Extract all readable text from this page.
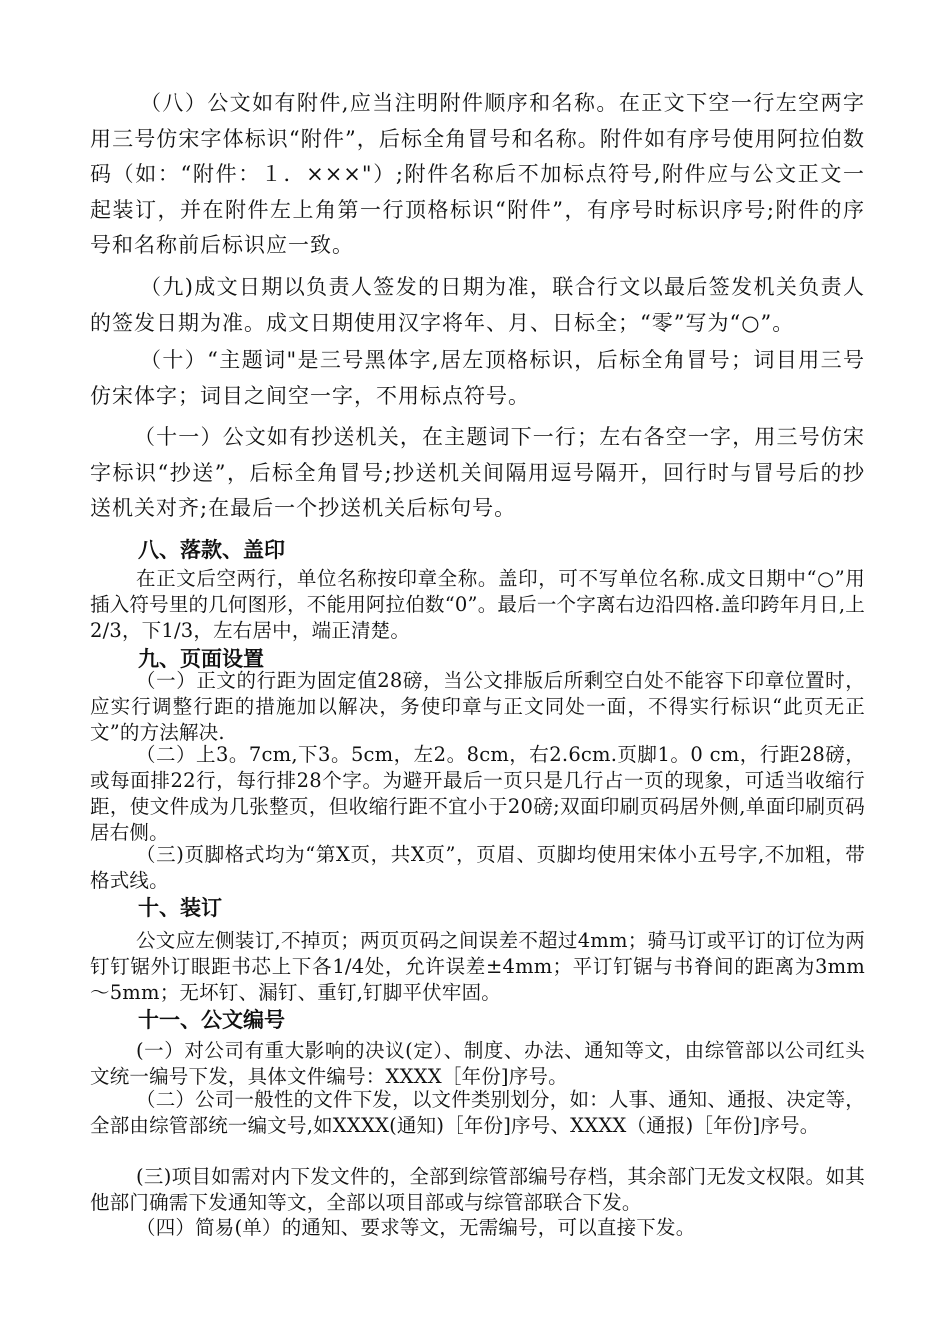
（八）公文如有附件,应当注明附件顺序和名称。在正文下空一行左空两字用三号仿宋字体标识“附件”，后标全角冒号和名称。附件如有序号使用阿拉伯数码（如：“附件：１．×××"）;附件名称后不加标点符号,附件应与公文正文一起装订，并在附件左上角第一行顶格标识“附件”，有序号时标识序号;附件的序号和名称前后标识应一致。

（九)成文日期以负责人签发的日期为准，联合行文以最后签发机关负责人的签发日期为准。成文日期使用汉字将年、月、日标全；“零”写为“○”。

（十）“主题词"是三号黑体字,居左顶格标识，后标全角冒号；词目用三号仿宋体字；词目之间空一字，不用标点符号。

（十一）公文如有抄送机关，在主题词下一行；左右各空一字，用三号仿宋字标识“抄送”，后标全角冒号;抄送机关间隔用逗号隔开，回行时与冒号后的抄送机关对齐;在最后一个抄送机关后标句号。

八、落款、盖印

在正文后空两行，单位名称按印章全称。盖印，可不写单位名称.成文日期中“○”用插入符号里的几何图形，不能用阿拉伯数“0”。最后一个字离右边沿四格.盖印跨年月日,上2/3，下1/3，左右居中，端正清楚。

九、页面设置

（一）正文的行距为固定值28磅，当公文排版后所剩空白处不能容下印章位置时，应实行调整行距的措施加以解决，务使印章与正文同处一面，不得实行标识“此页无正文”的方法解决.

（二）上3。7cm,下3。5cm，左2。8cm，右2.6cm.页脚1。0 cm，行距28磅，或每面排22行，每行排28个字。为避开最后一页只是几行占一页的现象，可适当收缩行距，使文件成为几张整页，但收缩行距不宜小于20磅;双面印刷页码居外侧,单面印刷页码居右侧。

（三)页脚格式均为“第X页，共X页”，页眉、页脚均使用宋体小五号字,不加粗，带格式线。

十、装订

公文应左侧装订,不掉页；两页页码之间误差不超过4mm；骑马订或平订的订位为两钉钉锯外订眼距书芯上下各1/4处，允许误差±4mm；平订钉锯与书脊间的距离为3mm～5mm；无坏钉、漏钉、重钉,钉脚平伏牢固。

十一、公文编号

(一）对公司有重大影响的决议(定）、制度、办法、通知等文，由综管部以公司红头文统一编号下发，具体文件编号：XXXX［年份]序号。

（二）公司一般性的文件下发，以文件类别划分，如：人事、通知、通报、决定等，全部由综管部统一编文号,如XXXX(通知)［年份]序号、XXXX（通报)［年份]序号。

(三)项目如需对内下发文件的，全部到综管部编号存档，其余部门无发文权限。如其他部门确需下发通知等文，全部以项目部或与综管部联合下发。

（四）简易(单）的通知、要求等文，无需编号，可以直接下发。
